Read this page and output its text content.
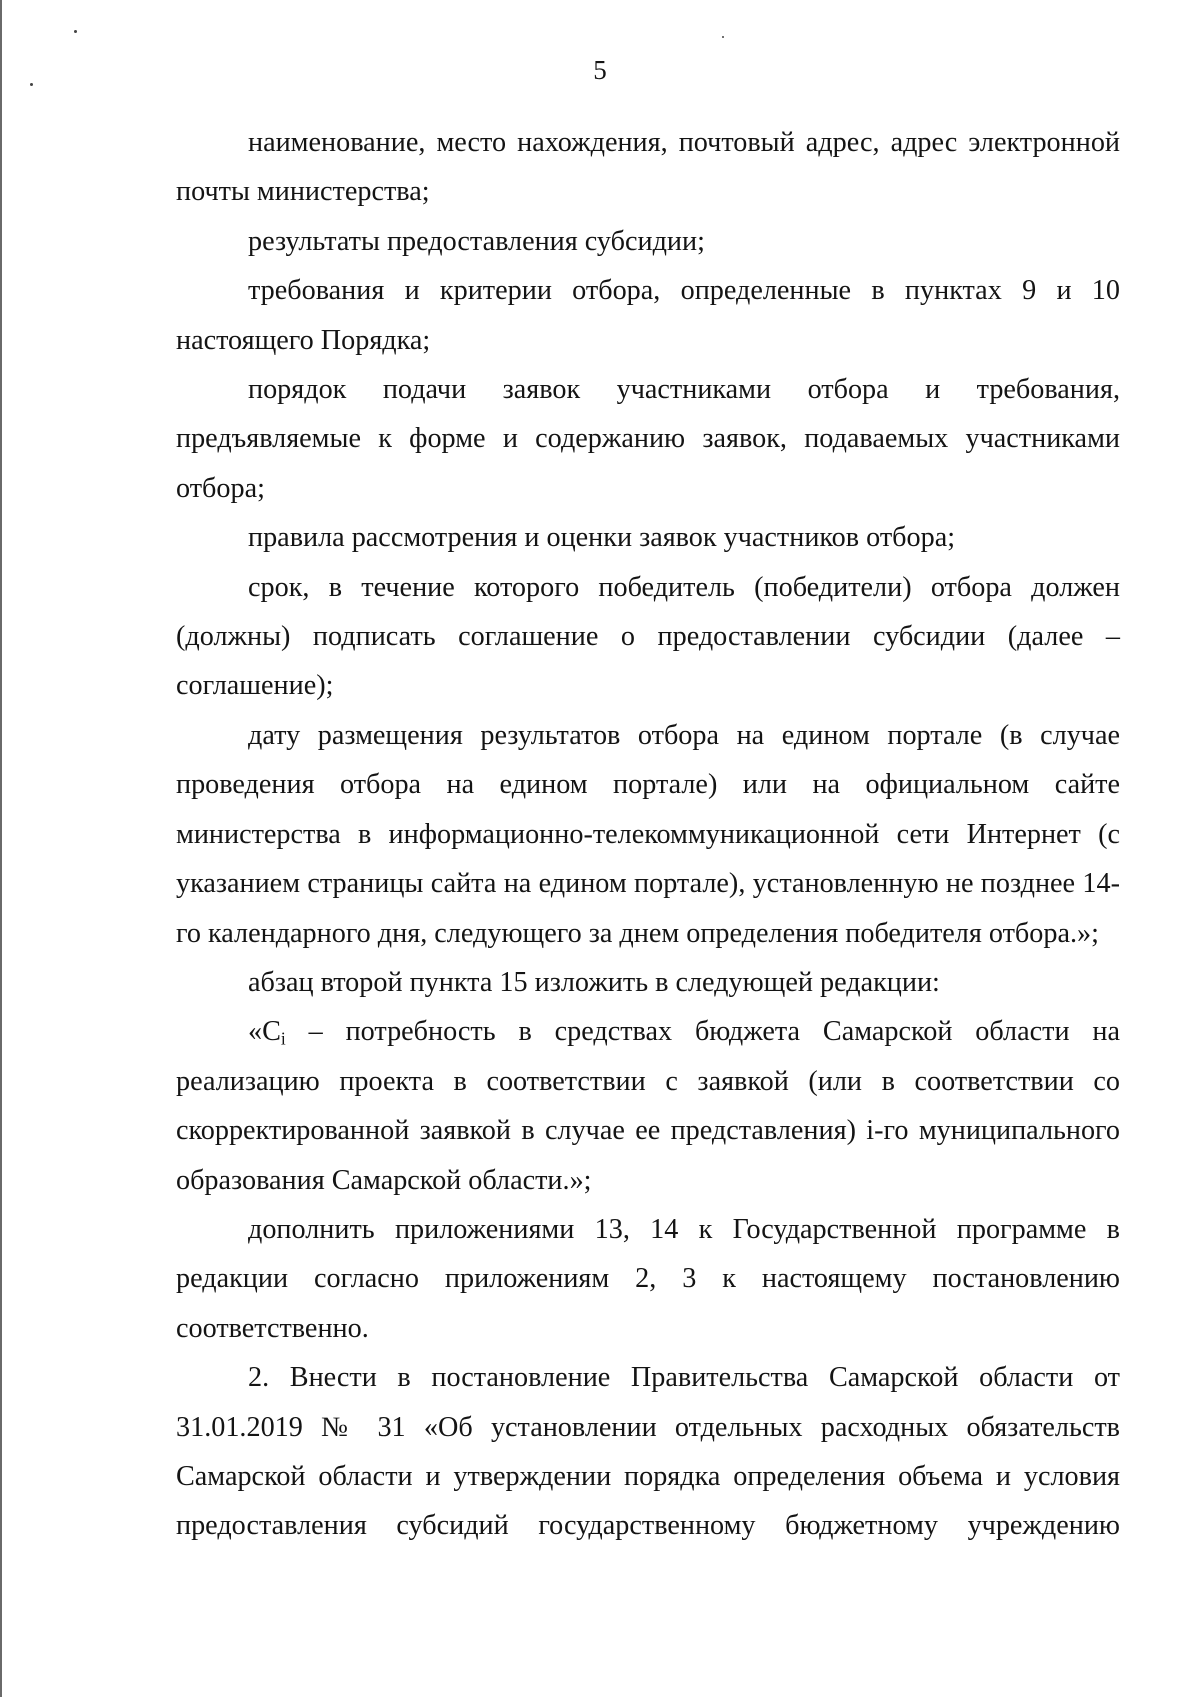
5

наименование, место нахождения, почтовый адрес, адрес электронной почты министерства;

результаты предоставления субсидии;

требования и критерии отбора, определенные в пунктах 9 и 10 настоящего Порядка;

порядок подачи заявок участниками отбора и требования, предъявляемые к форме и содержанию заявок, подаваемых участниками отбора;

правила рассмотрения и оценки заявок участников отбора;

срок, в течение которого победитель (победители) отбора должен (должны) подписать соглашение о предоставлении субсидии (далее – соглашение);

дату размещения результатов отбора на едином портале (в случае проведения отбора на едином портале) или на официальном сайте министерства в информационно-телекоммуникационной сети Интернет (с указанием страницы сайта на едином портале), установленную не позднее 14-го календарного дня, следующего за днем определения победителя отбора.»;

абзац второй пункта 15 изложить в следующей редакции:

«$C_i$ – потребность в средствах бюджета Самарской области на реализацию проекта в соответствии с заявкой (или в соответствии со скорректированной заявкой в случае ее представления) i-го муниципального образования Самарской области.»;

дополнить приложениями 13, 14 к Государственной программе в редакции согласно приложениям 2, 3 к настоящему постановлению соответственно.

2. Внести в постановление Правительства Самарской области от 31.01.2019 № 31 «Об установлении отдельных расходных обязательств Самарской области и утверждении порядка определения объема и условия предоставления субсидий государственному бюджетному учреждению
